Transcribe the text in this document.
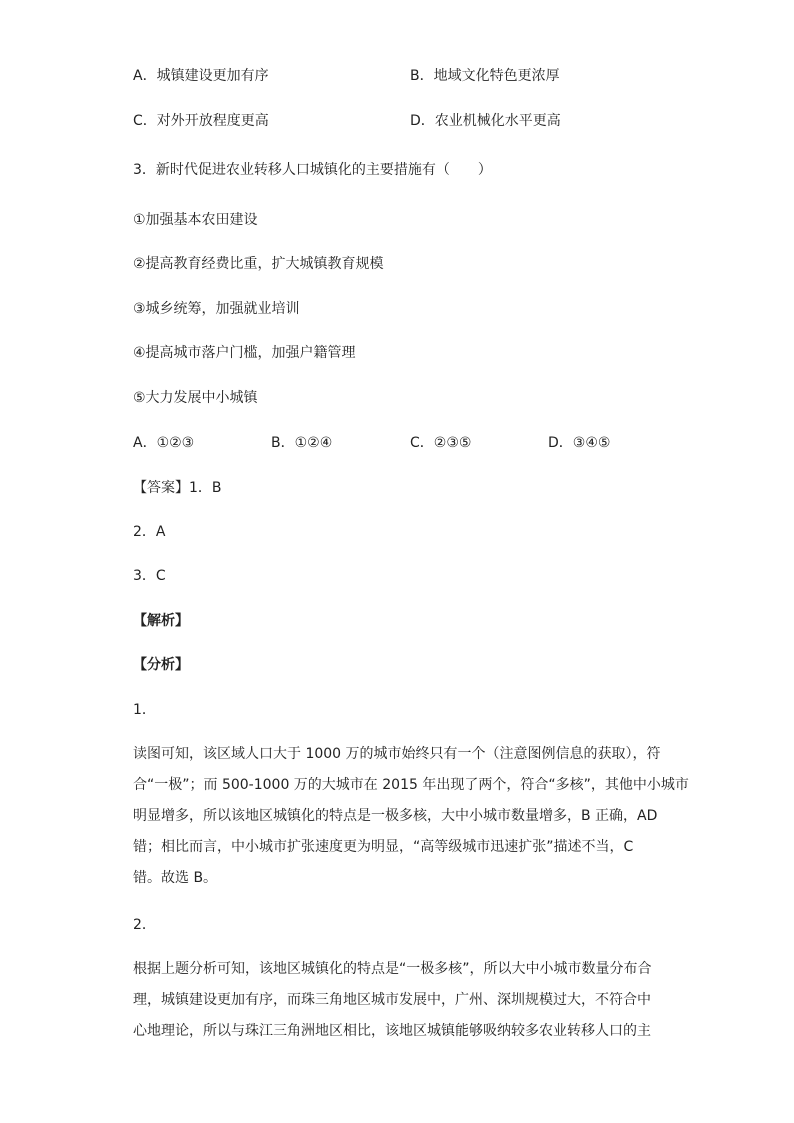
A．城镇建设更加有序	B．地域文化特色更浓厚
C．对外开放程度更高	D．农业机械化水平更高
3．新时代促进农业转移人口城镇化的主要措施有（　　）
①加强基本农田建设
②提高教育经费比重，扩大城镇教育规模
③城乡统筹，加强就业培训
④提高城市落户门槛，加强户籍管理
⑤大力发展中小城镇
A．①②③	B．①②④	C．②③⑤	D．③④⑤
【答案】1．B
2．A
3．C
【解析】
【分析】
1．
读图可知，该区域人口大于 1000 万的城市始终只有一个（注意图例信息的获取），符
合“一极”；而 500-1000 万的大城市在 2015 年出现了两个，符合“多核”，其他中小城市
明显增多，所以该地区城镇化的特点是一极多核，大中小城市数量增多，B 正确，AD
错；相比而言，中小城市扩张速度更为明显，“高等级城市迅速扩张”描述不当，C
错。故选 B。
2．
根据上题分析可知，该地区城镇化的特点是“一极多核”，所以大中小城市数量分布合
理，城镇建设更加有序，而珠三角地区城市发展中，广州、深圳规模过大，不符合中
心地理论，所以与珠江三角洲地区相比，该地区城镇能够吸纳较多农业转移人口的主
